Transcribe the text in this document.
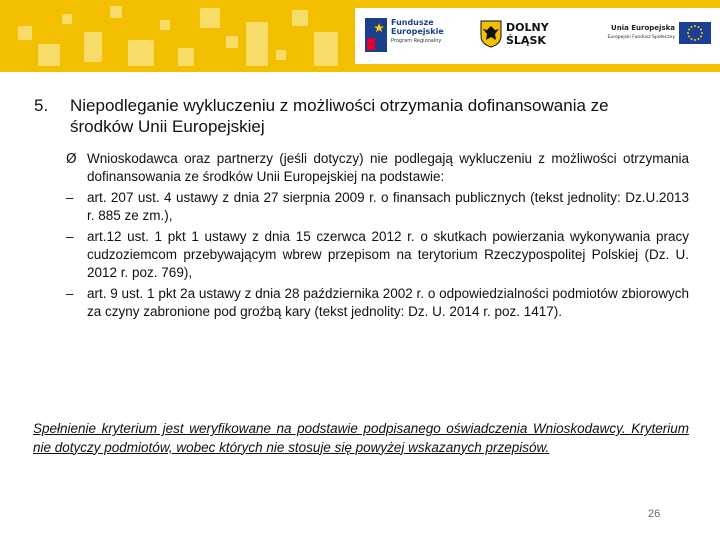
Fundusze
Europejskie
Program Regionalny
DOLNY
ŚLĄSK
Unia Europejska
Europejski Fundusz Społeczny
5. Niepodleganie wykluczeniu z możliwości otrzymania dofinansowania ze środków Unii Europejskiej
Ø Wnioskodawca oraz partnerzy (jeśli dotyczy) nie podlegają wykluczeniu z możliwości otrzymania dofinansowania ze środków Unii Europejskiej na podstawie:
– art. 207 ust. 4 ustawy z dnia 27 sierpnia 2009 r. o finansach publicznych (tekst jednolity: Dz.U.2013 r. 885 ze zm.),
– art.12 ust. 1 pkt 1 ustawy z dnia 15 czerwca 2012 r. o skutkach powierzania wykonywania pracy cudzoziemcom przebywającym wbrew przepisom na terytorium Rzeczypospolitej Polskiej (Dz. U. 2012 r. poz. 769),
– art. 9 ust. 1 pkt 2a ustawy z dnia 28 października 2002 r. o odpowiedzialności podmiotów zbiorowych za czyny zabronione pod groźbą kary (tekst jednolity: Dz. U. 2014 r. poz. 1417).
Spełnienie kryterium jest weryfikowane na podstawie podpisanego oświadczenia Wnioskodawcy. Kryterium nie dotyczy podmiotów, wobec których nie stosuje się powyżej wskazanych przepisów.
26
